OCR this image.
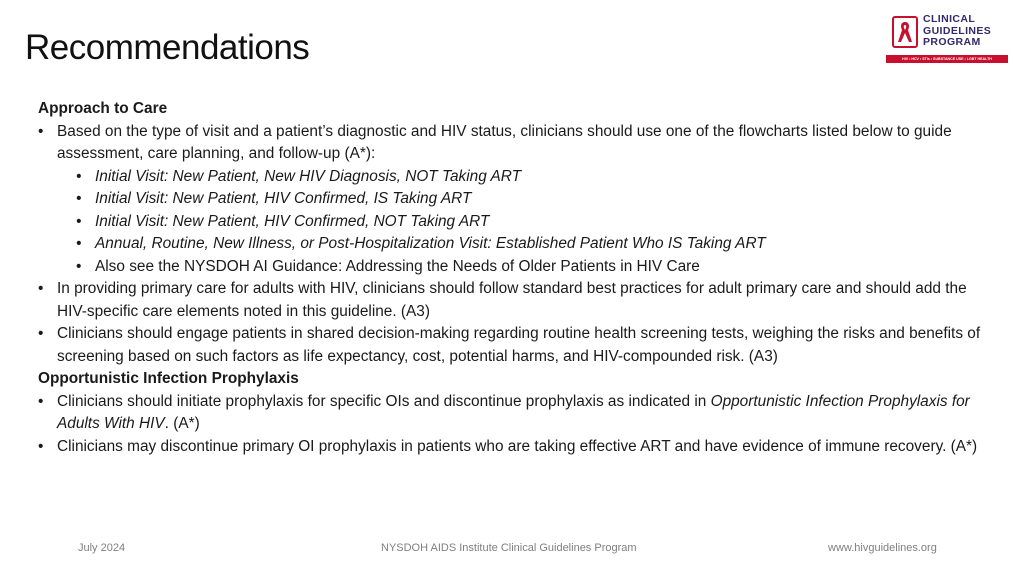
Recommendations
CLINICAL
GUIDELINES
PROGRAM
HIV • HCV • STIs • SUBSTANCE USE • LGBT HEALTH
Approach to Care
• Based on the type of visit and a patient’s diagnostic and HIV status, clinicians should use one of the flowcharts listed below to guide assessment, care planning, and follow-up (A*):
• Initial Visit: New Patient, New HIV Diagnosis, NOT Taking ART
• Initial Visit: New Patient, HIV Confirmed, IS Taking ART
• Initial Visit: New Patient, HIV Confirmed, NOT Taking ART
• Annual, Routine, New Illness, or Post-Hospitalization Visit: Established Patient Who IS Taking ART
• Also see the NYSDOH AI Guidance: Addressing the Needs of Older Patients in HIV Care
• In providing primary care for adults with HIV, clinicians should follow standard best practices for adult primary care and should add the HIV-specific care elements noted in this guideline. (A3)
• Clinicians should engage patients in shared decision-making regarding routine health screening tests, weighing the risks and benefits of screening based on such factors as life expectancy, cost, potential harms, and HIV-compounded risk. (A3)
Opportunistic Infection Prophylaxis
• Clinicians should initiate prophylaxis for specific OIs and discontinue prophylaxis as indicated in Opportunistic Infection Prophylaxis for Adults With HIV. (A*)
• Clinicians may discontinue primary OI prophylaxis in patients who are taking effective ART and have evidence of immune recovery. (A*)
July 2024	NYSDOH AIDS Institute Clinical Guidelines Program	www.hivguidelines.org
